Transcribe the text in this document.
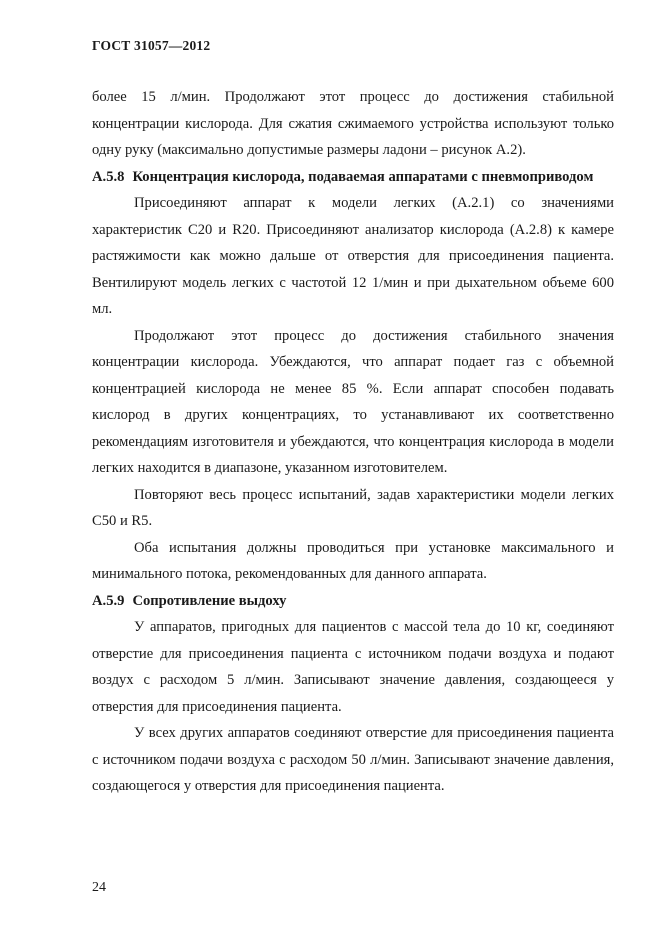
ГОСТ 31057—2012

более 15 л/мин. Продолжают этот процесс до достижения стабильной концентрации кислорода. Для сжатия сжимаемого устройства используют только одну руку (максимально допустимые размеры ладони – рисунок А.2).

А.5.8 Концентрация кислорода, подаваемая аппаратами с пневмоприводом

Присоединяют аппарат к модели легких (А.2.1) со значениями характеристик С20 и R20. Присоединяют анализатор кислорода (А.2.8) к камере растяжимости как можно дальше от отверстия для присоединения пациента. Вентилируют модель легких с частотой 12 1/мин и при дыхательном объеме 600 мл.

Продолжают этот процесс до достижения стабильного значения концентрации кислорода. Убеждаются, что аппарат подает газ с объемной концентрацией кислорода не менее 85 %. Если аппарат способен подавать кислород в других концентрациях, то устанавливают их соответственно рекомендациям изготовителя и убеждаются, что концентрация кислорода в модели легких находится в диапазоне, указанном изготовителем.

Повторяют весь процесс испытаний, задав характеристики модели легких С50 и R5.

Оба испытания должны проводиться при установке максимального и минимального потока, рекомендованных для данного аппарата.

А.5.9 Сопротивление выдоху

У аппаратов, пригодных для пациентов с массой тела до 10 кг, соединяют отверстие для присоединения пациента с источником подачи воздуха и подают воздух с расходом 5 л/мин. Записывают значение давления, создающееся у отверстия для присоединения пациента.

У всех других аппаратов соединяют отверстие для присоединения пациента с источником подачи воздуха с расходом 50 л/мин. Записывают значение давления, создающегося у отверстия для присоединения пациента.

24
